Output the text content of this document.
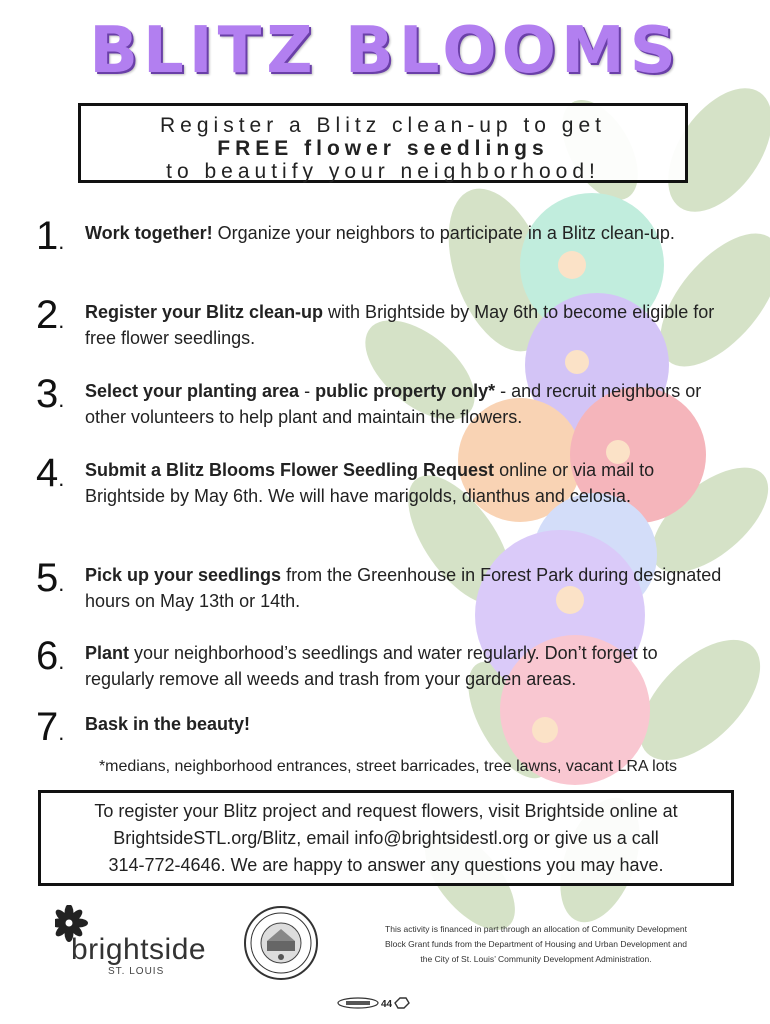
BLITZ BLOOMS
Register a Blitz clean-up to get
FREE flower seedlings
to beautify your neighborhood!
1.	Work together! Organize your neighbors to participate in a Blitz clean-up.
2.	Register your Blitz clean-up with Brightside by May 6th to become eligible for free flower seedlings.
3.	Select your planting area - public property only* - and recruit neighbors or other volunteers to help plant and maintain the flowers.
4.	Submit a Blitz Blooms Flower Seedling Request online or via mail to Brightside by May 6th. We will have marigolds, dianthus and celosia.
5.	Pick up your seedlings from the Greenhouse in Forest Park during designated hours on May 13th or 14th.
6.	Plant your neighborhood’s seedlings and water regularly. Don’t forget to regularly remove all weeds and trash from your garden areas.
7.	Bask in the beauty!
*medians, neighborhood entrances, street barricades, tree lawns, vacant LRA lots
To register your Blitz project and request flowers, visit Brightside online at
BrightsideSTL.org/Blitz, email info@brightsidestl.org or give us a call
314-772-4646. We are happy to answer any questions you may have.
brightside
ST. LOUIS
This activity is financed in part through an allocation of Community Development
Block Grant funds from the Department of Housing and Urban Development and
the City of St. Louis’ Community Development Administration.
44
